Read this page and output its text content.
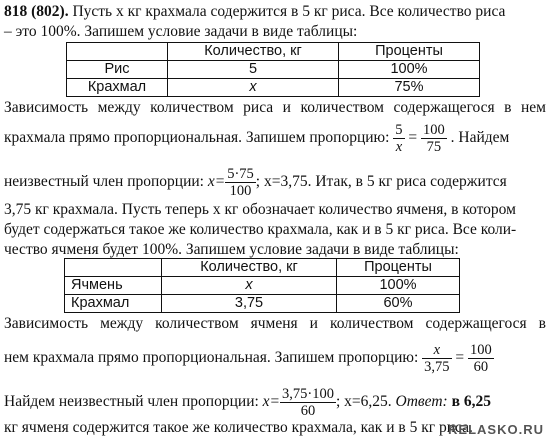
818 (802). Пусть x кг крахмала содержится в 5 кг риса. Все количество риса
– это 100%. Запишем условие задачи в виде таблицы:
	Количество, кг	Проценты
Рис	5	100%
Крахмал	x	75%
Зависимость между количеством риса и количеством содержащегося в нем
крахмала прямо пропорциональная. Запишем пропорцию: $\frac{5}{x} = \frac{100}{75}$ . Найдем
неизвестный член пропорции: $x= \frac{5\cdot 75}{100}$ ; x=3,75. Итак, в 5 кг риса содержится
3,75 кг крахмала. Пусть теперь x кг обозначает количество ячменя, в котором
будет содержаться такое же количество крахмала, как и в 5 кг риса. Все коли-
чество ячменя будет 100%. Запишем условие задачи в виде таблицы:
	Количество, кг	Проценты
Ячмень	x	100%
Крахмал	3,75	60%
Зависимость между количеством ячменя и количеством содержащегося в
нем крахмала прямо пропорциональная. Запишем пропорцию: $\frac{x}{3,75} = \frac{100}{60}$
Найдем неизвестный член пропорции: $x= \frac{3,75\cdot 100}{60}$ ; x=6,25. Ответ: в 6,25
кг ячменя содержится такое же количество крахмала, как и в 5 кг риса.
RELASKO.RU
